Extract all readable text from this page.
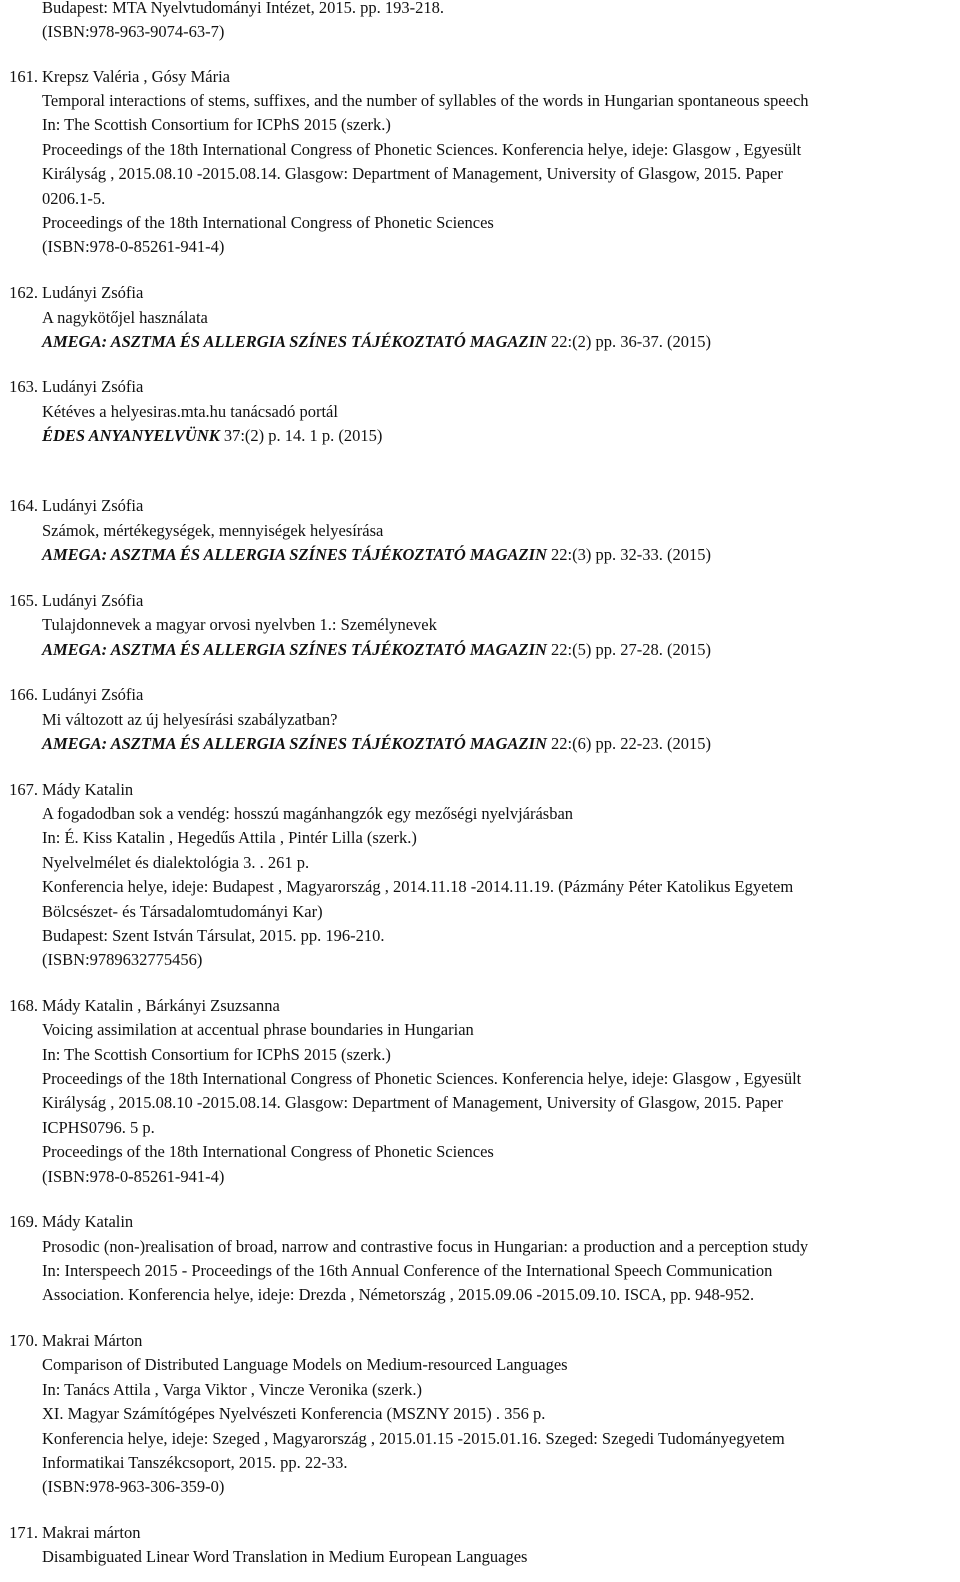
Budapest: MTA Nyelvtudományi Intézet, 2015. pp. 193-218.
(ISBN:978-963-9074-63-7)
161. Krepsz Valéria , Gósy Mária
Temporal interactions of stems, suffixes, and the number of syllables of the words in Hungarian spontaneous speech
In: The Scottish Consortium for ICPhS 2015 (szerk.)
Proceedings of the 18th International Congress of Phonetic Sciences. Konferencia helye, ideje: Glasgow , Egyesült
Királyság , 2015.08.10 -2015.08.14. Glasgow: Department of Management, University of Glasgow, 2015. Paper
0206.1-5.
Proceedings of the 18th International Congress of Phonetic Sciences
(ISBN:978-0-85261-941-4)
162. Ludányi Zsófia
A nagykötőjel használata
AMEGA: ASZTMA ÉS ALLERGIA SZÍNES TÁJÉKOZTATÓ MAGAZIN 22:(2) pp. 36-37. (2015)
163. Ludányi Zsófia
Kétéves a helyesiras.mta.hu tanácsadó portál
ÉDES ANYANYELVÜNK 37:(2) p. 14. 1 p. (2015)
164. Ludányi Zsófia
Számok, mértékegységek, mennyiségek helyesírása
AMEGA: ASZTMA ÉS ALLERGIA SZÍNES TÁJÉKOZTATÓ MAGAZIN 22:(3) pp. 32-33. (2015)
165. Ludányi Zsófia
Tulajdonnevek a magyar orvosi nyelvben 1.: Személynevek
AMEGA: ASZTMA ÉS ALLERGIA SZÍNES TÁJÉKOZTATÓ MAGAZIN 22:(5) pp. 27-28. (2015)
166. Ludányi Zsófia
Mi változott az új helyesírási szabályzatban?
AMEGA: ASZTMA ÉS ALLERGIA SZÍNES TÁJÉKOZTATÓ MAGAZIN 22:(6) pp. 22-23. (2015)
167. Mády Katalin
A fogadodban sok a vendég: hosszú magánhangzók egy mezőségi nyelvjárásban
In: É. Kiss Katalin , Hegedűs Attila , Pintér Lilla (szerk.)
Nyelvelmélet és dialektológia 3. . 261 p.
Konferencia helye, ideje: Budapest , Magyarország , 2014.11.18 -2014.11.19. (Pázmány Péter Katolikus Egyetem
Bölcsészet- és Társadalomtudományi Kar)
Budapest: Szent István Társulat, 2015. pp. 196-210.
(ISBN:9789632775456)
168. Mády Katalin , Bárkányi Zsuzsanna
Voicing assimilation at accentual phrase boundaries in Hungarian
In: The Scottish Consortium for ICPhS 2015 (szerk.)
Proceedings of the 18th International Congress of Phonetic Sciences. Konferencia helye, ideje: Glasgow , Egyesült
Királyság , 2015.08.10 -2015.08.14. Glasgow: Department of Management, University of Glasgow, 2015. Paper
ICPHS0796. 5 p.
Proceedings of the 18th International Congress of Phonetic Sciences
(ISBN:978-0-85261-941-4)
169. Mády Katalin
Prosodic (non-)realisation of broad, narrow and contrastive focus in Hungarian: a production and a perception study
In: Interspeech 2015 - Proceedings of the 16th Annual Conference of the International Speech Communication
Association. Konferencia helye, ideje: Drezda , Németország , 2015.09.06 -2015.09.10. ISCA, pp. 948-952.
170. Makrai Márton
Comparison of Distributed Language Models on Medium-resourced Languages
In: Tanács Attila , Varga Viktor , Vincze Veronika (szerk.)
XI. Magyar Számítógépes Nyelvészeti Konferencia (MSZNY 2015) . 356 p.
Konferencia helye, ideje: Szeged , Magyarország , 2015.01.15 -2015.01.16. Szeged: Szegedi Tudományegyetem
Informatikai Tanszékcsoport, 2015. pp. 22-33.
(ISBN:978-963-306-359-0)
171. Makrai márton
Disambiguated Linear Word Translation in Medium European Languages
